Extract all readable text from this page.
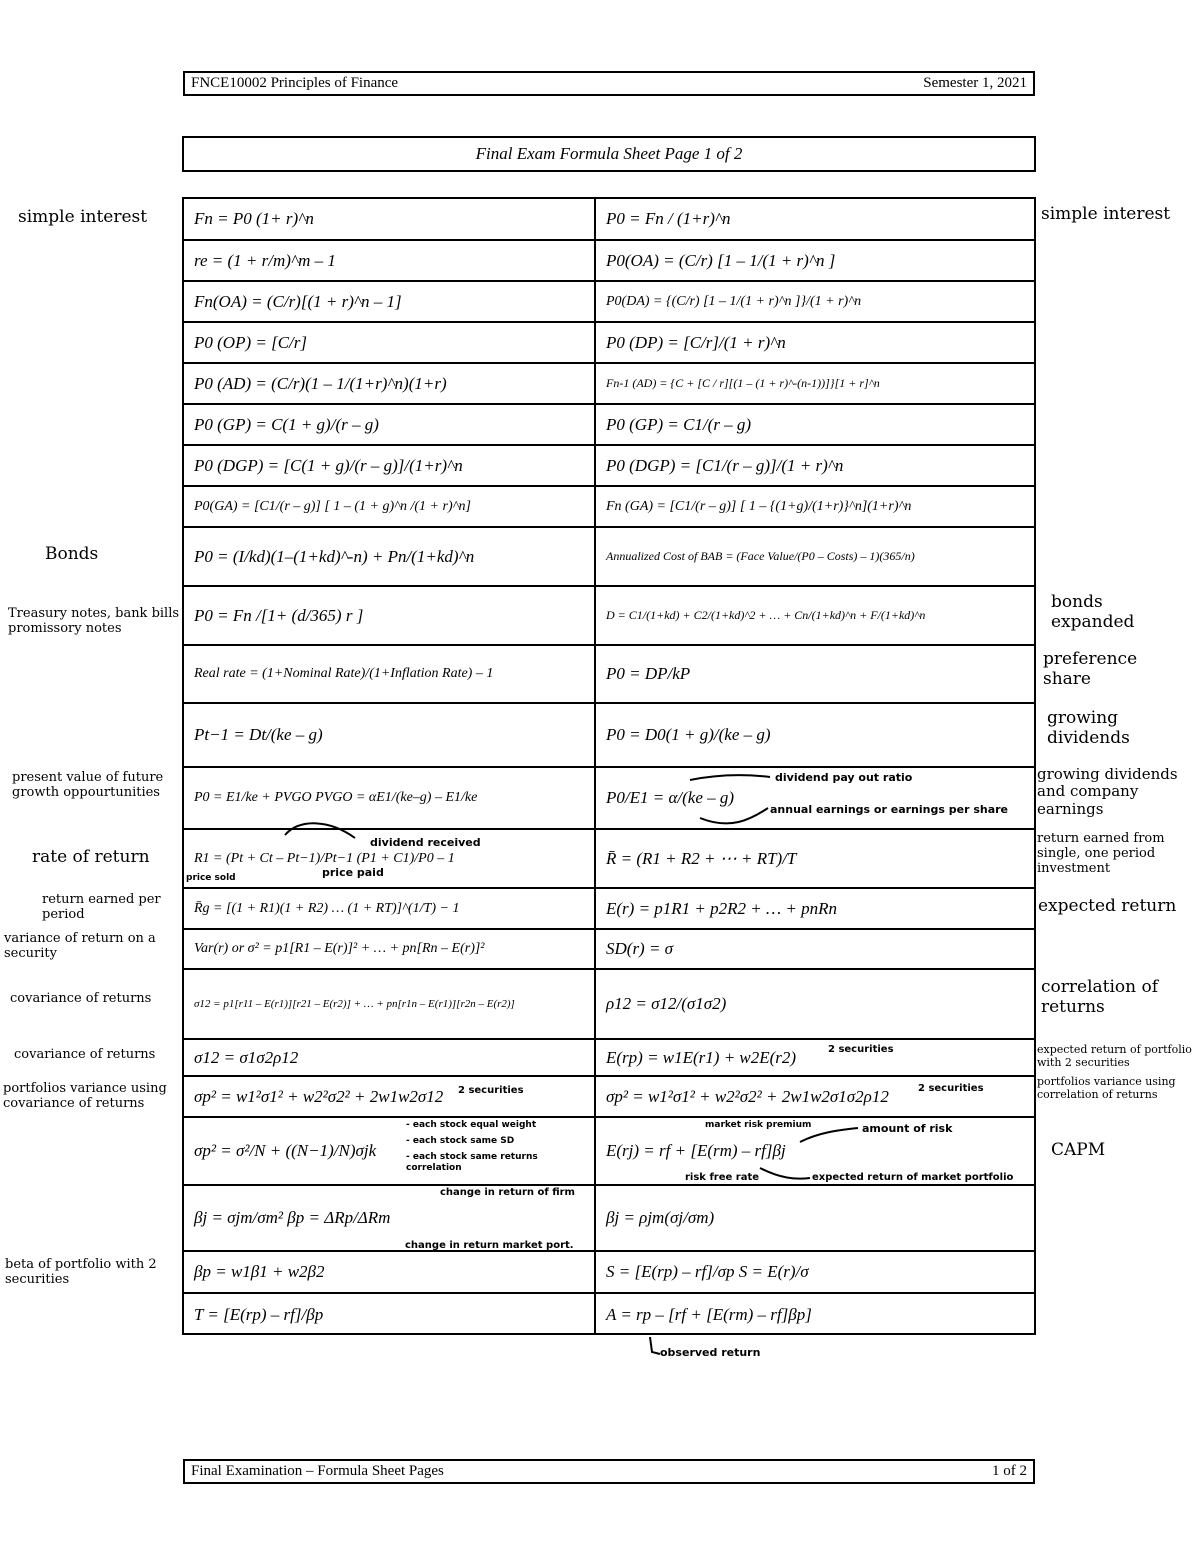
FNCE10002 Principles of Finance	Semester 1, 2021
Final Exam Formula Sheet Page 1 of 2
Fn = P0 (1+ r)^n	P0 = Fn / (1+r)^n
re = (1 + r/m)^m – 1	P0(OA) = (C/r) [1 – 1/(1 + r)^n ]
Fn(OA) = (C/r)[(1 + r)^n – 1]	P0(DA) = {(C/r) [1 – 1/(1 + r)^n ]}/(1 + r)^n
P0 (OP) = [C/r]	P0 (DP) = [C/r]/(1 + r)^n
P0 (AD) = (C/r)(1 – 1/(1+r)^n)(1+r)	Fn-1 (AD) = {C + [C / r][(1 – (1 + r)^-(n-1))]}[1 + r]^n
P0 (GP) = C(1 + g)/(r – g)	P0 (GP) = C1/(r – g)
P0 (DGP) = [C(1 + g)/(r – g)]/(1+r)^n	P0 (DGP) = [C1/(r – g)]/(1 + r)^n
P0(GA) = [C1/(r – g)] [ 1 – (1 + g)^n /(1 + r)^n]	Fn (GA) = [C1/(r – g)] [ 1 – {(1+g)/(1+r)}^n](1+r)^n
P0 = (I/kd)(1–(1+kd)^-n) + Pn/(1+kd)^n	Annualized Cost of BAB = (Face Value/(P0 – Costs) – 1)(365/n)
P0 = Fn /[1+ (d/365) r ]	D = C1/(1+kd) + C2/(1+kd)^2 + … + Cn/(1+kd)^n + F/(1+kd)^n
Real rate = (1+Nominal Rate)/(1+Inflation Rate) – 1	P0 = DP/kP
Pt−1 = Dt/(ke – g)	P0 = D0(1 + g)/(ke – g)
P0 = E1/ke + PVGO PVGO = αE1/(ke–g) – E1/ke	P0/E1 = α/(ke – g)
R1 = (Pt + Ct – Pt−1)/Pt−1 (P1 + C1)/P0 – 1	R̄ = (R1 + R2 + ⋯ + RT)/T
R̄g = [(1 + R1)(1 + R2) … (1 + RT)]^(1/T) − 1	E(r) = p1R1 + p2R2 + … + pnRn
Var(r) or σ² = p1[R1 – E(r)]² + … + pn[Rn – E(r)]²	SD(r) = σ
σ12 = p1[r11 – E(r1)][r21 – E(r2)] + … + pn[r1n – E(r1)][r2n – E(r2)]	ρ12 = σ12/(σ1σ2)
σ12 = σ1σ2ρ12	E(rp) = w1E(r1) + w2E(r2)
σp² = w1²σ1² + w2²σ2² + 2w1w2σ12	σp² = w1²σ1² + w2²σ2² + 2w1w2σ1σ2ρ12
σp² = σ²/N + ((N−1)/N)σjk	E(rj) = rf + [E(rm) – rf]βj
βj = σjm/σm² βp = ΔRp/ΔRm	βj = ρjm(σj/σm)
βp = w1β1 + w2β2	S = [E(rp) – rf]/σp S = E(r)/σ
T = [E(rp) – rf]/βp	A = rp – [rf + [E(rm) – rf]βp]
simple interest
Bonds
Treasury notes, bank bills promissory notes
present value of future growth oppourtunities
rate of return
return earned per period
variance of return on a security
covariance of returns
covariance of returns
portfolios variance using covariance of returns
beta of portfolio with 2 securities
simple interest
bonds expanded
preference share
growing dividends
growing dividends and company earnings
return earned from single, one period investment
expected return
correlation of returns
expected return of portfolio with 2 securities
portfolios variance using correlation of returns
CAPM
dividend pay out ratio
annual earnings or earnings per share
dividend received
price sold	price paid
2 securities
2 securities	2 securities
- each stock equal weight
- each stock same SD
- each stock same returns correlation
market risk premium	amount of risk
risk free rate	expected return of market portfolio
change in return of firm
change in return market port.
observed return
Final Examination – Formula Sheet Pages	1 of 2
